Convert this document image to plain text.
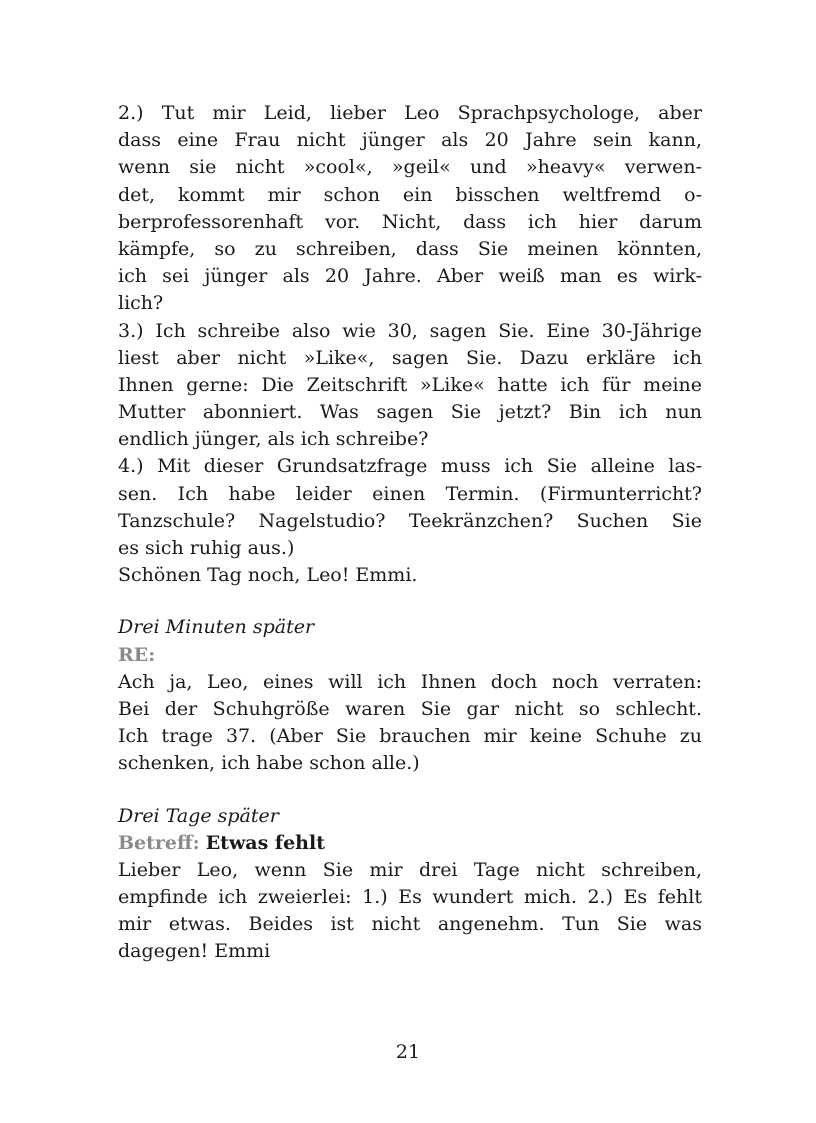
2.) Tut mir Leid, lieber Leo Sprachpsychologe, aber
dass eine Frau nicht jünger als 20 Jahre sein kann,
wenn sie nicht »cool«, »geil« und »heavy« verwen-
det, kommt mir schon ein bisschen weltfremd o-
berprofessorenhaft vor. Nicht, dass ich hier darum
kämpfe, so zu schreiben, dass Sie meinen könnten,
ich sei jünger als 20 Jahre. Aber weiß man es wirk-
lich?
3.) Ich schreibe also wie 30, sagen Sie. Eine 30-Jährige
liest aber nicht »Like«, sagen Sie. Dazu erkläre ich
Ihnen gerne: Die Zeitschrift »Like« hatte ich für meine
Mutter abonniert. Was sagen Sie jetzt? Bin ich nun
endlich jünger, als ich schreibe?
4.) Mit dieser Grundsatzfrage muss ich Sie alleine las-
sen. Ich habe leider einen Termin. (Firmunterricht?
Tanzschule? Nagelstudio? Teekränzchen? Suchen Sie
es sich ruhig aus.)
Schönen Tag noch, Leo! Emmi.
Drei Minuten später
RE:
Ach ja, Leo, eines will ich Ihnen doch noch verraten:
Bei der Schuhgröße waren Sie gar nicht so schlecht.
Ich trage 37. (Aber Sie brauchen mir keine Schuhe zu
schenken, ich habe schon alle.)
Drei Tage später
Betreff: Etwas fehlt
Lieber Leo, wenn Sie mir drei Tage nicht schreiben,
empfinde ich zweierlei: 1.) Es wundert mich. 2.) Es fehlt
mir etwas. Beides ist nicht angenehm. Tun Sie was
dagegen! Emmi
21
